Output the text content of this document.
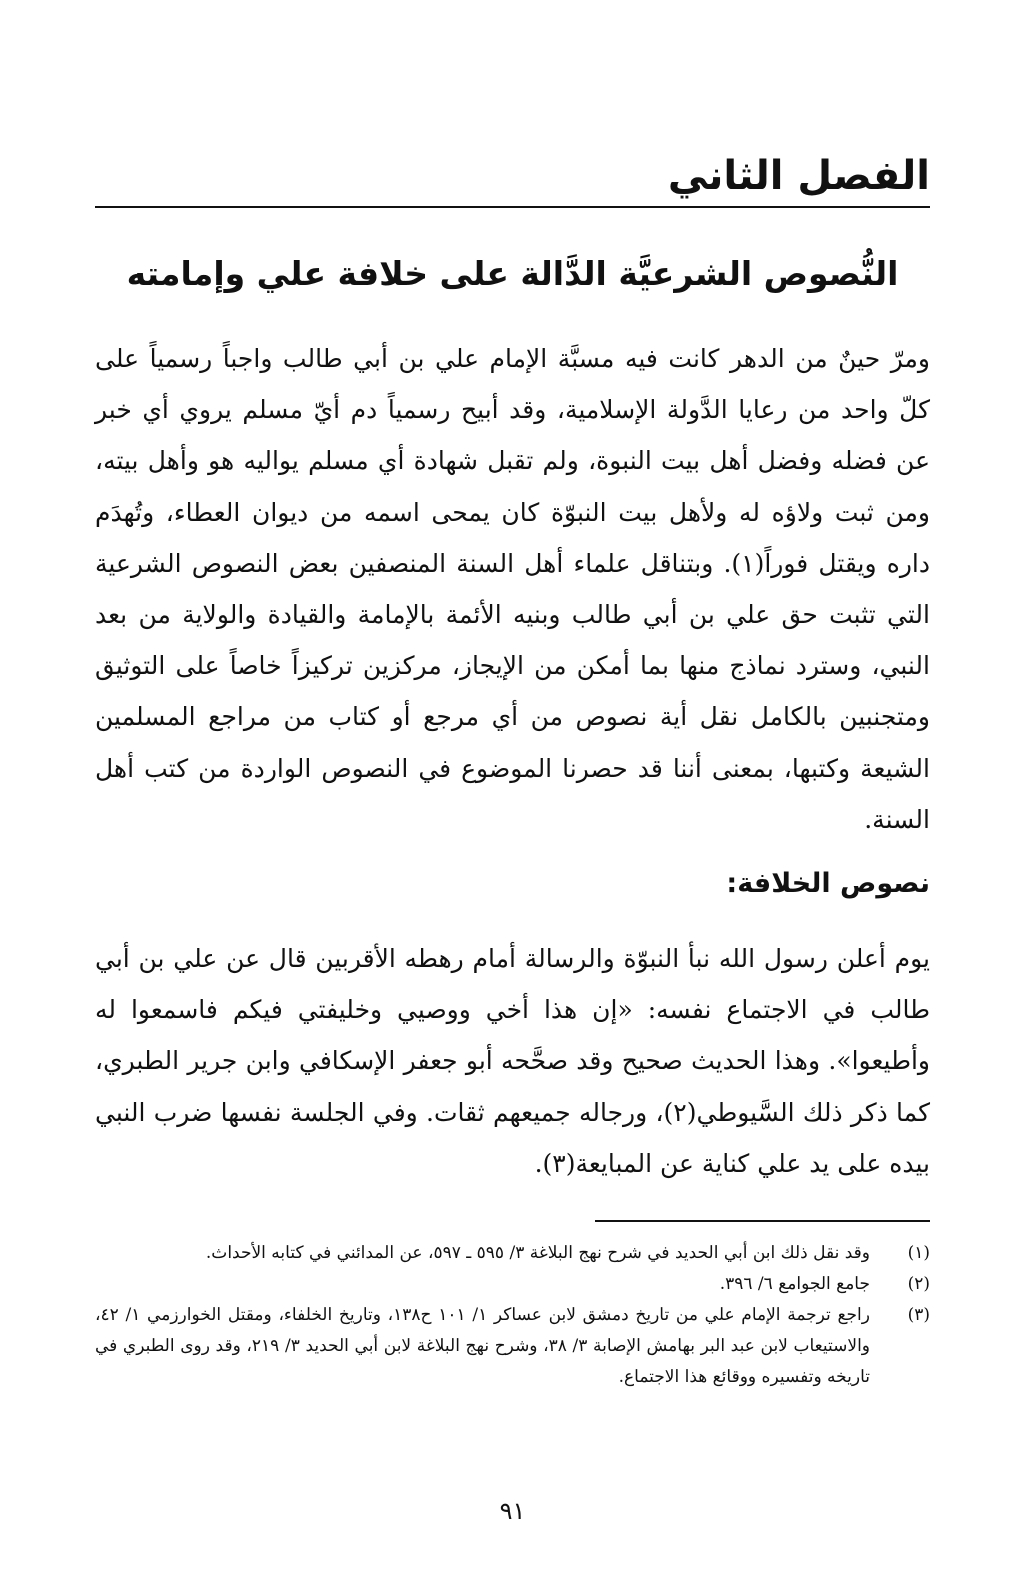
الفصل الثاني
النُّصوص الشرعيَّة الدَّالة على خلافة علي وإمامته

ومرّ حينٌ من الدهر كانت فيه مسبَّة الإمام علي بن أبي طالب واجباً رسمياً على كلّ واحد من رعايا الدَّولة الإسلامية، وقد أبيح رسمياً دم أيّ مسلم يروي أي خبر عن فضله وفضل أهل بيت النبوة، ولم تقبل شهادة أي مسلم يواليه هو وأهل بيته، ومن ثبت ولاؤه له ولأهل بيت النبوّة كان يمحى اسمه من ديوان العطاء، وتُهدَم داره ويقتل فوراً(١). وبتناقل علماء أهل السنة المنصفين بعض النصوص الشرعية التي تثبت حق علي بن أبي طالب وبنيه الأئمة بالإمامة والقيادة والولاية من بعد النبي، وسترد نماذج منها بما أمكن من الإيجاز، مركزين تركيزاً خاصاً على التوثيق ومتجنبين بالكامل نقل أية نصوص من أي مرجع أو كتاب من مراجع المسلمين الشيعة وكتبها، بمعنى أننا قد حصرنا الموضوع في النصوص الواردة من كتب أهل السنة.

نصوص الخلافة:

يوم أعلن رسول الله نبأ النبوّة والرسالة أمام رهطه الأقربين قال عن علي بن أبي طالب في الاجتماع نفسه: «إن هذا أخي ووصيي وخليفتي فيكم فاسمعوا له وأطيعوا». وهذا الحديث صحيح وقد صحَّحه أبو جعفر الإسكافي وابن جرير الطبري، كما ذكر ذلك السَّيوطي(٢)، ورجاله جميعهم ثقات. وفي الجلسة نفسها ضرب النبي بيده على يد علي كناية عن المبايعة(٣).

(١)
وقد نقل ذلك ابن أبي الحديد في شرح نهج البلاغة ٣/ ٥٩٥ ـ ٥٩٧، عن المدائني في كتابه الأحداث.
(٢)
جامع الجوامع ٦/ ٣٩٦.
(٣)
راجع ترجمة الإمام علي من تاريخ دمشق لابن عساكر ١/ ١٠١ ح١٣٨، وتاريخ الخلفاء، ومقتل الخوارزمي ١/ ٤٢، والاستيعاب لابن عبد البر بهامش الإصابة ٣/ ٣٨، وشرح نهج البلاغة لابن أبي الحديد ٣/ ٢١٩، وقد روى الطبري في تاريخه وتفسيره ووقائع هذا الاجتماع.
٩١
